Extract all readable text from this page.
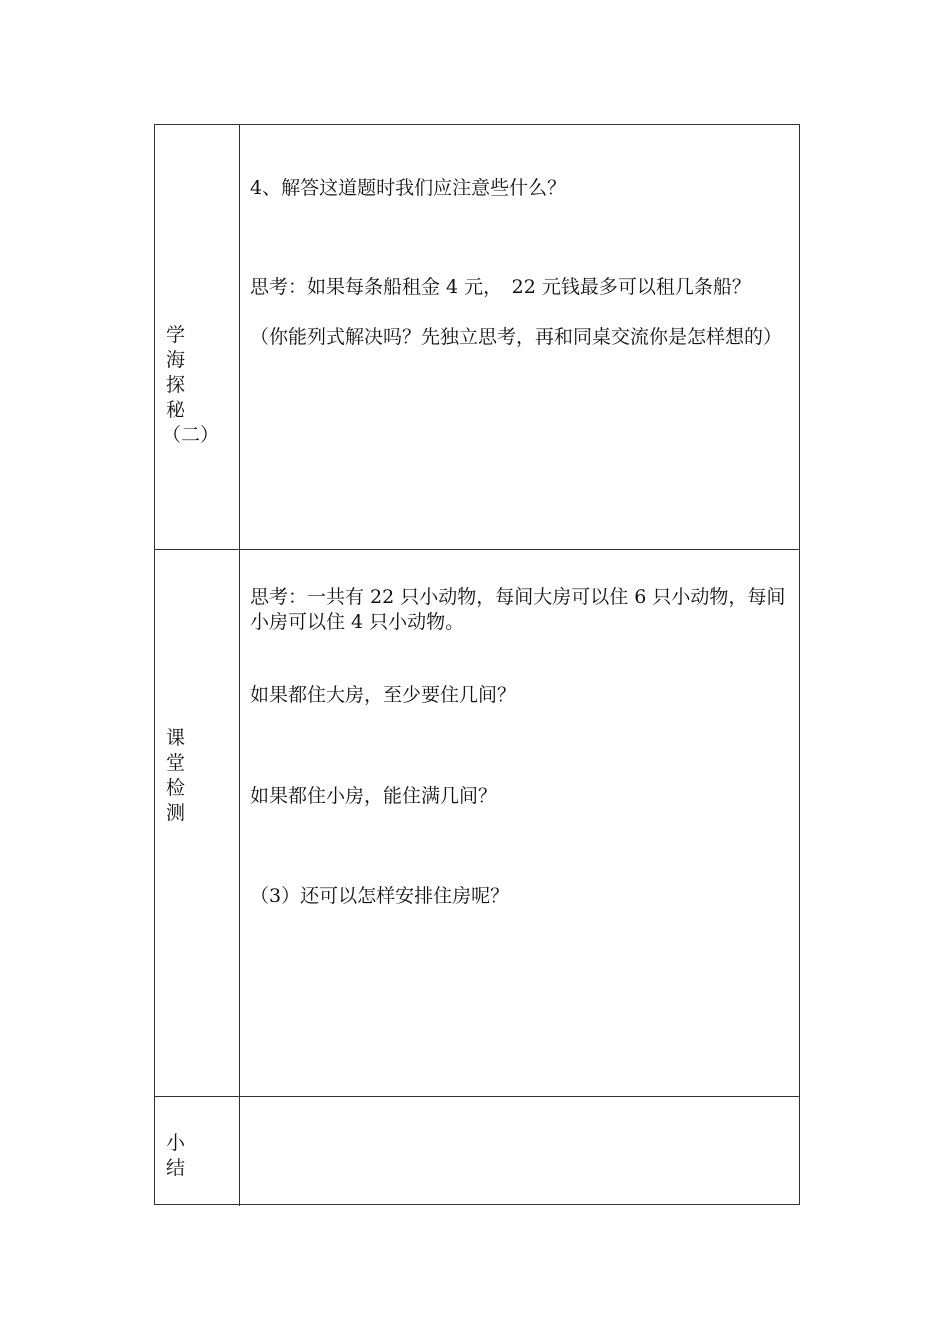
学
海
探
秘
（二）
4、解答这道题时我们应注意些什么？
思考：如果每条船租金 4 元，　22 元钱最多可以租几条船？
（你能列式解决吗？先独立思考，再和同桌交流你是怎样想的）
课
堂
检
测
思考：一共有 22 只小动物，每间大房可以住 6 只小动物，每间小房可以住 4 只小动物。
如果都住大房，至少要住几间？
如果都住小房，能住满几间？
（3）还可以怎样安排住房呢？
小
结
